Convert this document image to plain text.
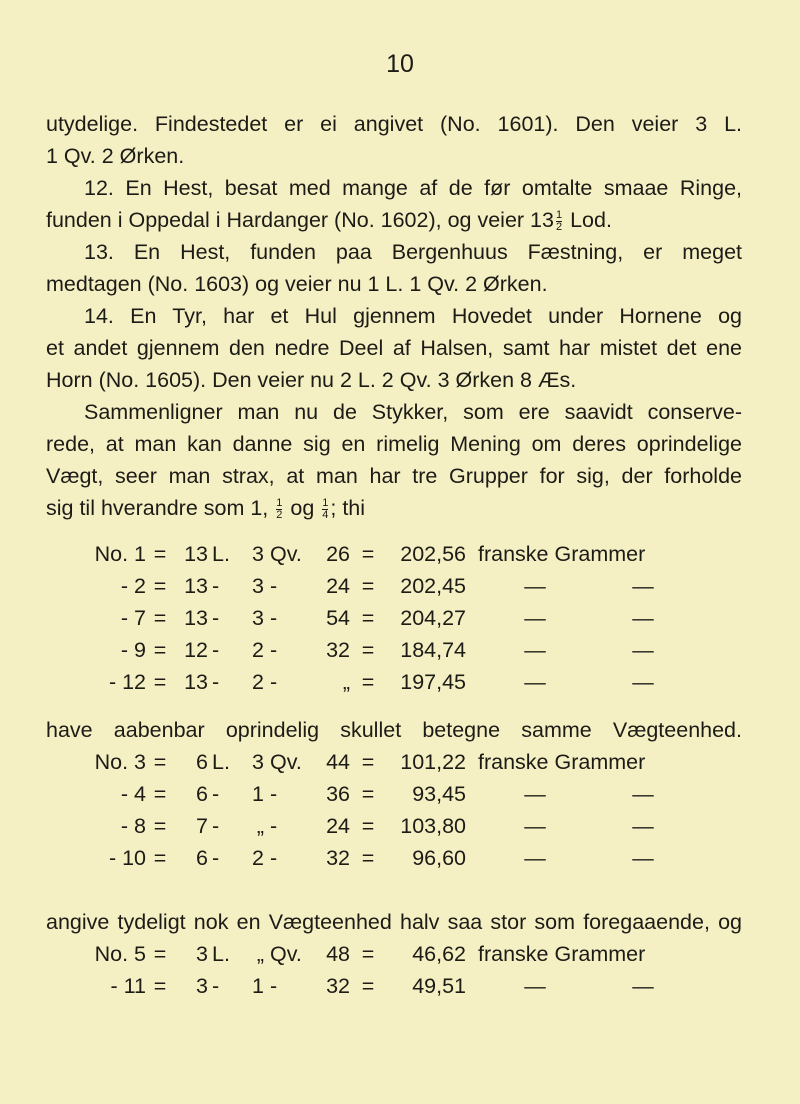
10
utydelige. Findestedet er ei angivet (No. 1601). Den veier 3 L.
1 Qv. 2 Ørken.
12. En Hest, besat med mange af de før omtalte smaae Ringe,
funden i Oppedal i Hardanger (No. 1602), og veier $13 \frac{1}{2}$ Lod.
13. En Hest, funden paa Bergenhuus Fæstning, er meget
medtagen (No. 1603) og veier nu 1 L. 1 Qv. 2 Ørken.
14. En Tyr, har et Hul gjennem Hovedet under Hornene og
et andet gjennem den nedre Deel af Halsen, samt har mistet det ene
Horn (No. 1605). Den veier nu 2 L. 2 Qv. 3 Ørken 8 Æs.
Sammenligner man nu de Stykker, som ere saavidt conserve-
rede, at man kan danne sig en rimelig Mening om deres oprindelige
Vægt, seer man strax, at man har tre Grupper for sig, der forholde
sig til hverandre som 1, $\frac{1}{2}$ og $\frac{1}{4}$ ; thi
No. 1 = 13 L.	3 Qv.	26 =	202,56 franske Grammer
- 2 = 13 -	3 -	24 =	202,45	—	—
- 7 = 13 -	3 -	54 =	204,27	—	—
- 9 = 12 -	2 -	32 =	184,74	—	—
- 12 = 13 -	2 -	„ =	197,45	—	—
have aabenbar oprindelig skullet betegne samme Vægteenhed.
No. 3 =	6 L.	3 Qv.	44 =	101,22 franske Grammer
- 4 =	6 -	1 -	36 =	93,45	—	—
- 8 =	7 -	„ -	24 =	103,80	—	—
- 10 =	6 -	2 -	32 =	96,60	—	—
angive tydeligt nok en Vægteenhed halv saa stor som foregaaende, og
No. 5 =	3 L.	„ Qv.	48 =	46,62 franske Grammer
- 11 =	3 -	1 -	32 =	49,51	—	—
